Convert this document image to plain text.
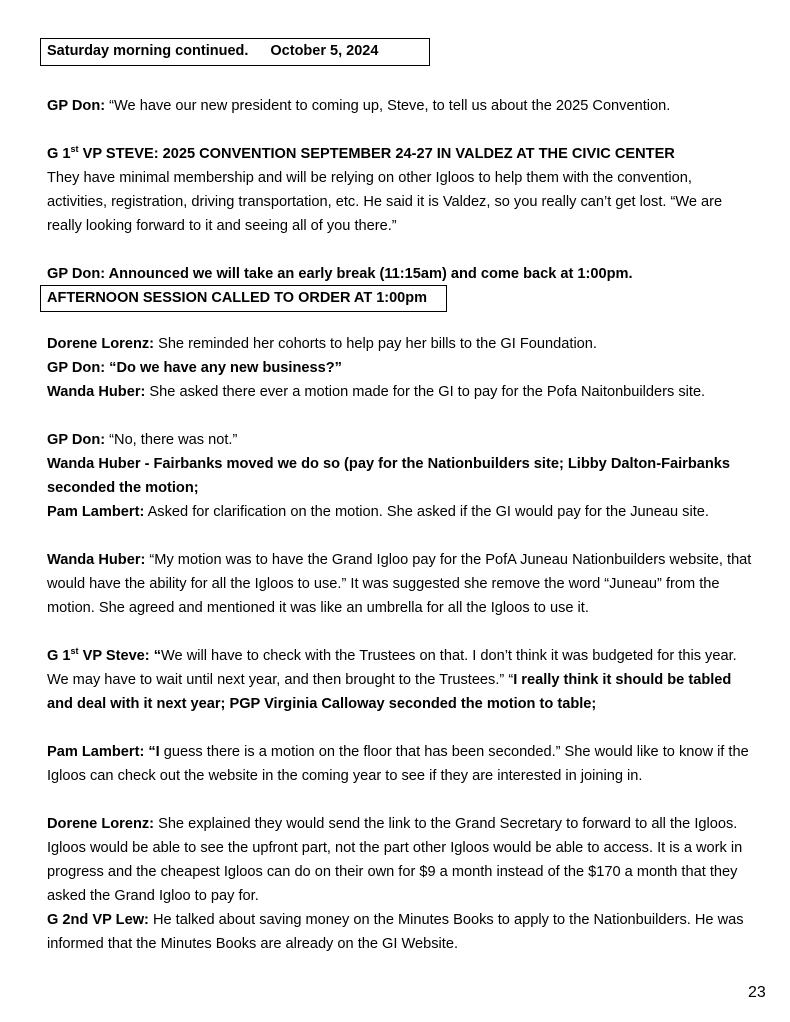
Saturday morning continued. October 5, 2024
GP Don: “We have our new president to coming up, Steve, to tell us about the 2025 Convention.
G 1st VP STEVE: 2025 CONVENTION SEPTEMBER 24-27 IN VALDEZ AT THE CIVIC CENTER
They have minimal membership and will be relying on other Igloos to help them with the convention, activities, registration, driving transportation, etc. He said it is Valdez, so you really can’t get lost. “We are really looking forward to it and seeing all of you there.”
GP Don: Announced we will take an early break (11:15am) and come back at 1:00pm.
AFTERNOON SESSION CALLED TO ORDER AT 1:00pm
Dorene Lorenz: She reminded her cohorts to help pay her bills to the GI Foundation.
GP Don: “Do we have any new business?”
Wanda Huber: She asked there ever a motion made for the GI to pay for the Pofa Naitonbuilders site.
GP Don: “No, there was not.”
Wanda Huber - Fairbanks moved we do so (pay for the Nationbuilders site; Libby Dalton-Fairbanks seconded the motion;
Pam Lambert: Asked for clarification on the motion. She asked if the GI would pay for the Juneau site.
Wanda Huber: “My motion was to have the Grand Igloo pay for the PofA Juneau Nationbuilders website, that would have the ability for all the Igloos to use.” It was suggested she remove the word “Juneau” from the motion. She agreed and mentioned it was like an umbrella for all the Igloos to use it.
G 1st VP Steve: “We will have to check with the Trustees on that. I don’t think it was budgeted for this year. We may have to wait until next year, and then brought to the Trustees.” “I really think it should be tabled and deal with it next year; PGP Virginia Calloway seconded the motion to table;
Pam Lambert: “I guess there is a motion on the floor that has been seconded.” She would like to know if the Igloos can check out the website in the coming year to see if they are interested in joining in.
Dorene Lorenz: She explained they would send the link to the Grand Secretary to forward to all the Igloos. Igloos would be able to see the upfront part, not the part other Igloos would be able to access. It is a work in progress and the cheapest Igloos can do on their own for $9 a month instead of the $170 a month that they asked the Grand Igloo to pay for.
G 2nd VP Lew: He talked about saving money on the Minutes Books to apply to the Nationbuilders. He was informed that the Minutes Books are already on the GI Website.
23
